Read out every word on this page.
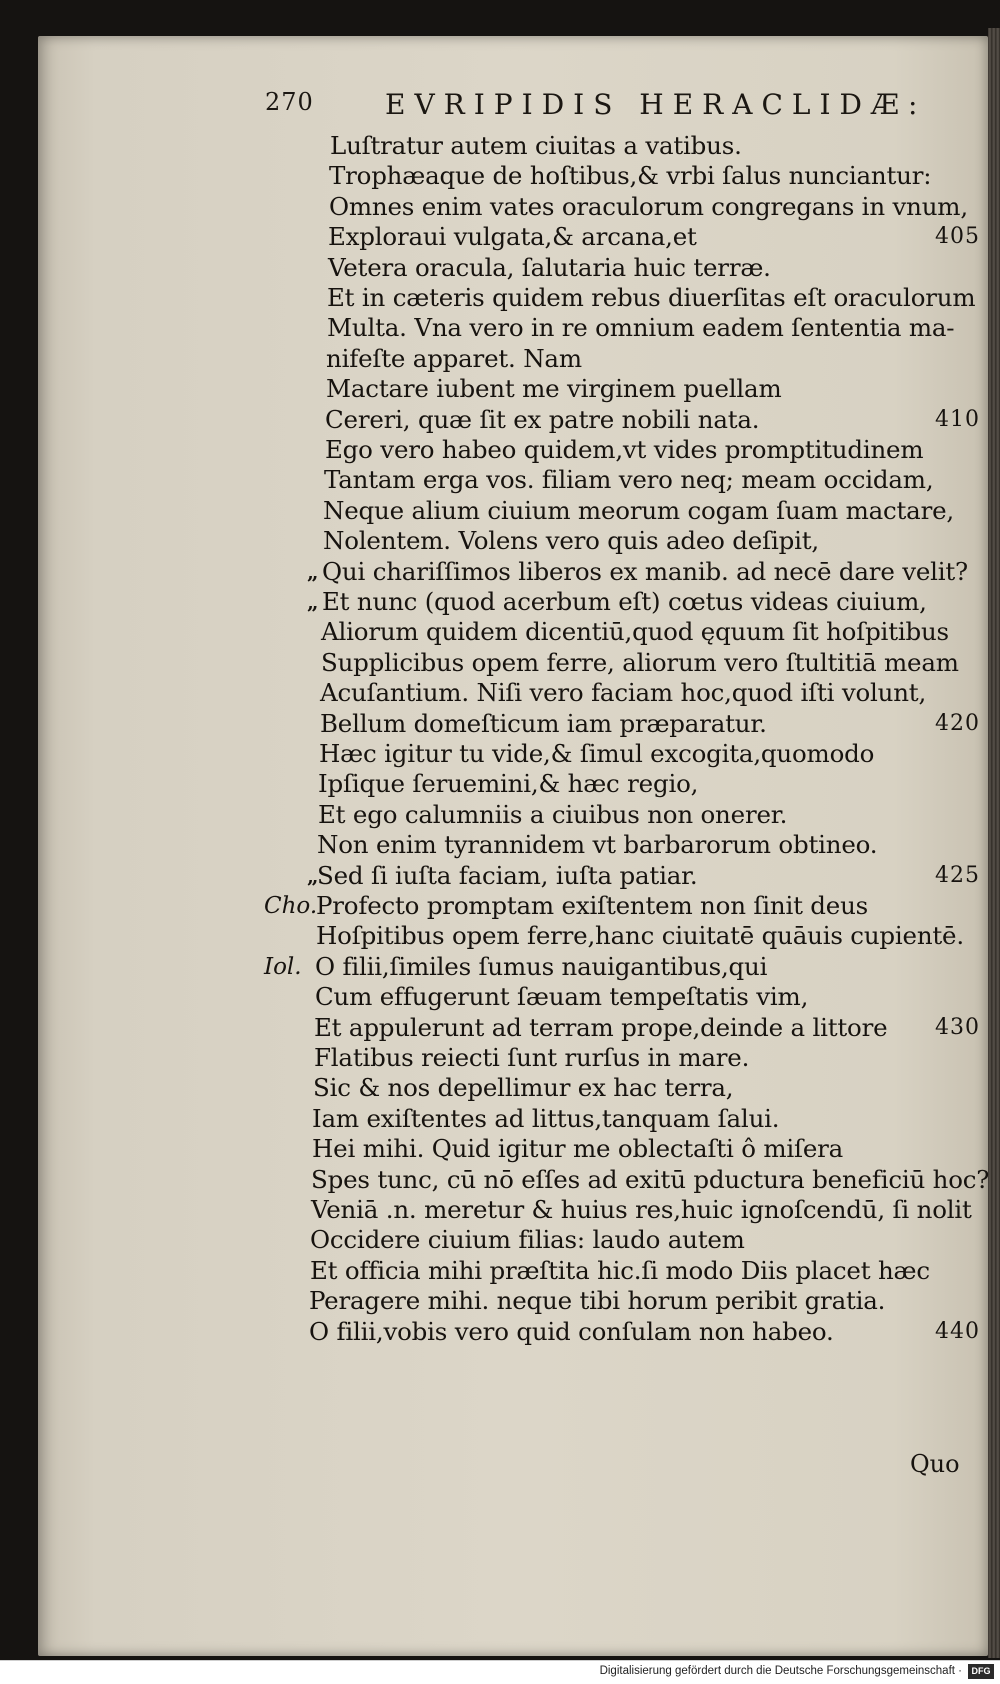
270	EVRIPIDIS HERACLIDÆ:
Luſtratur autem ciuitas a vatibus.
Trophæaque de hoſtibus,& vrbi ſalus nunciantur:
Omnes enim vates oraculorum congregans in vnum,
Exploraui vulgata,& arcana,et	405
Vetera oracula, ſalutaria huic terræ.
Et in cæteris quidem rebus diuerſitas eſt oraculorum
Multa. Vna vero in re omnium eadem ſententia ma-
nifeſte apparet. Nam
Mactare iubent me virginem puellam
Cereri, quæ ſit ex patre nobili nata.	410
Ego vero habeo quidem,vt vides promptitudinem
Tantam erga vos. filiam vero neq; meam occidam,
Neque alium ciuium meorum cogam ſuam mactare,
Nolentem. Volens vero quis adeo deſipit,
„ Qui chariſſimos liberos ex manib. ad necē dare velit?
„ Et nunc (quod acerbum eſt) cœtus videas ciuium,
Aliorum quidem dicentiū,quod ęquum ſit hoſpitibus
Supplicibus opem ferre, aliorum vero ſtultitiā meam
Acuſantium. Niſi vero faciam hoc,quod iſti volunt,
Bellum domeſticum iam præparatur.	420
Hæc igitur tu vide,& ſimul excogita,quomodo
Ipſique ſeruemini,& hæc regio,
Et ego calumniis a ciuibus non onerer.
Non enim tyrannidem vt barbarorum obtineo.
„
Sed ſi iuſta faciam, iuſta patiar.	425
Cho.
Profecto promptam exiſtentem non ſinit deus
Hoſpitibus opem ferre,hanc ciuitatē quāuis cupientē.
Iol. O filii,ſimiles ſumus nauigantibus,qui
Cum effugerunt ſæuam tempeſtatis vim,
Et appulerunt ad terram prope,deinde a littore 430
Flatibus reiecti ſunt rurſus in mare.
Sic & nos depellimur ex hac terra,
Iam exiſtentes ad littus,tanquam ſalui.
Hei mihi. Quid igitur me oblectaſti ô miſera
Spes tunc, cū nō eſſes ad exitū pductura beneficiū hoc?
Veniā .n. meretur & huius res,huic ignoſcendū, ſi nolit
Occidere ciuium filias: laudo autem
Et officia mihi præſtita hic.ſi modo Diis placet hæc
Peragere mihi. neque tibi horum peribit gratia.
O filii,vobis vero quid conſulam non habeo.	440
Quo
Digitalisierung gefördert durch die Deutsche Forschungsgemeinschaft ·	DFG
